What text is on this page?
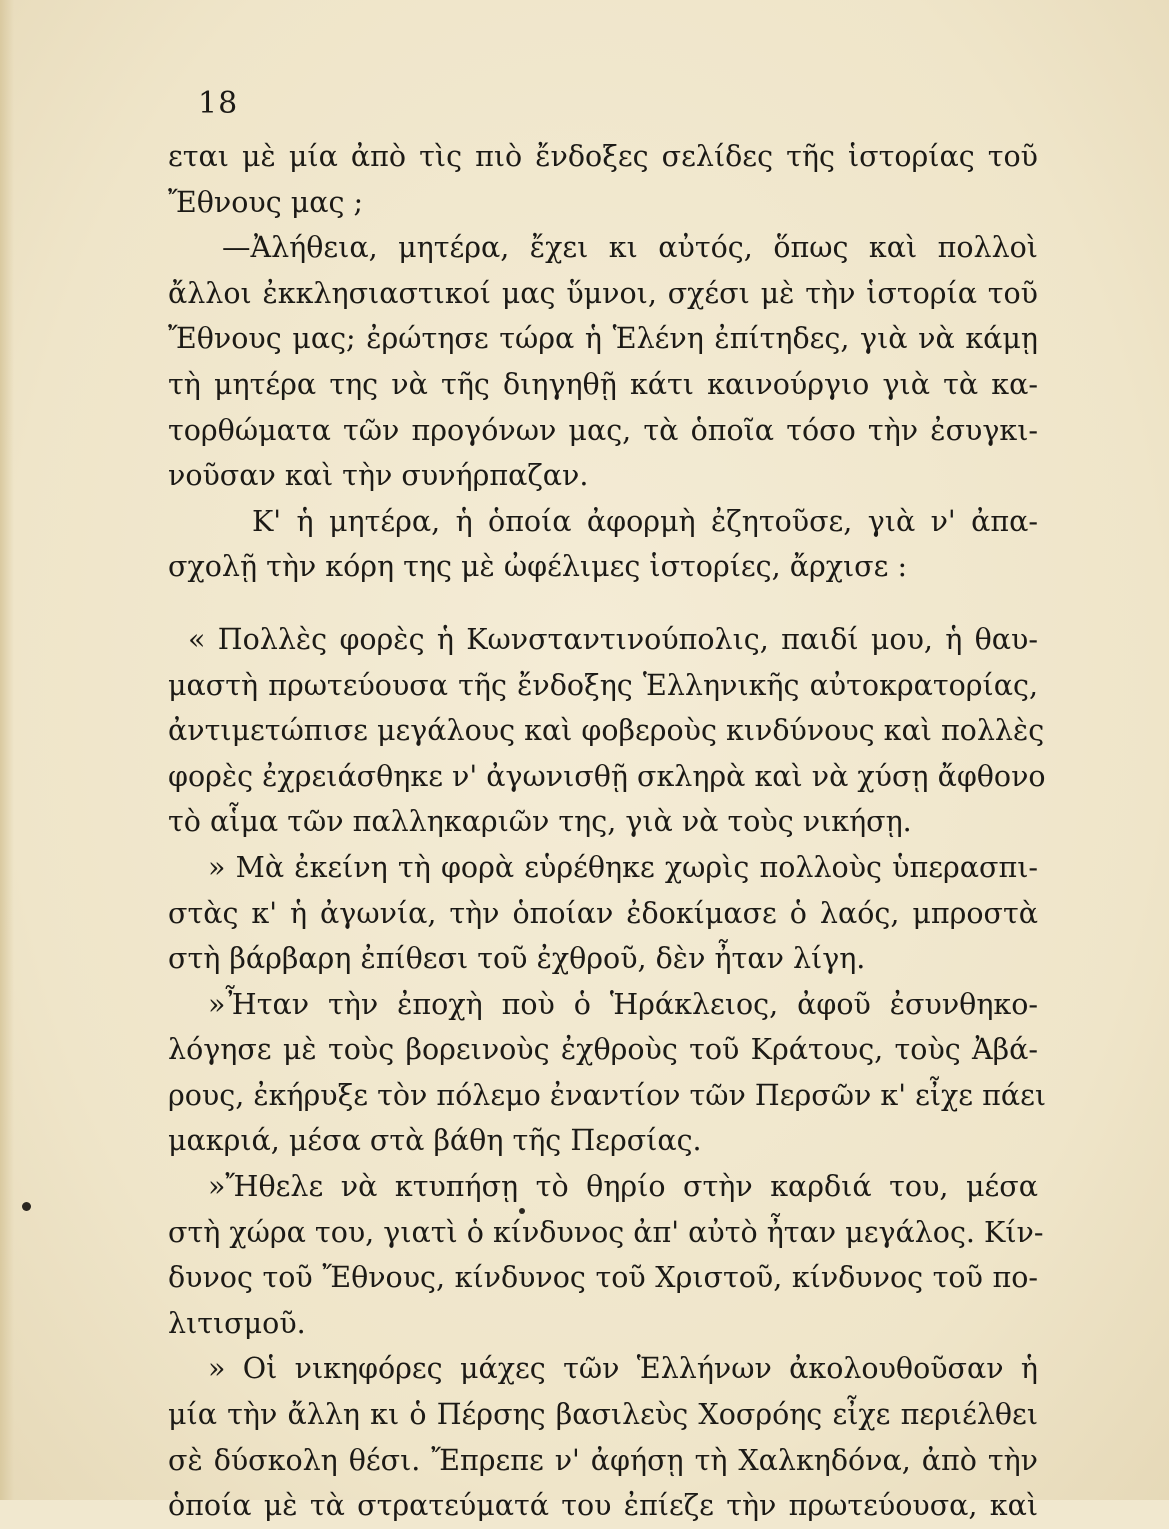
18
εται μὲ μία ἀπὸ τὶς πιὸ ἔνδοξες σελίδες τῆς ἱστορίας τοῦ
Ἔθνους μας ;
—Ἀλήθεια, μητέρα, ἔχει κι αὐτός, ὅπως καὶ πολλοὶ
ἄλλοι ἐκκλησιαστικοί μας ὕμνοι, σχέσι μὲ τὴν ἱστορία τοῦ
Ἔθνους μας; ἐρώτησε τώρα ἡ Ἑλένη ἐπίτηδες, γιὰ νὰ κάμῃ
τὴ μητέρα της νὰ τῆς διηγηθῇ κάτι καινούργιο γιὰ τὰ κα-
τορθώματα τῶν προγόνων μας, τὰ ὁποῖα τόσο τὴν ἐσυγκι-
νοῦσαν καὶ τὴν συνήρπαζαν.
Κ' ἡ μητέρα, ἡ ὁποία ἀφορμὴ ἐζητοῦσε, γιὰ ν' ἀπα-
σχολῇ τὴν κόρη της μὲ ὠφέλιμες ἱστορίες, ἄρχισε :
« Πολλὲς φορὲς ἡ Κωνσταντινούπολις, παιδί μου, ἡ θαυ-
μαστὴ πρωτεύουσα τῆς ἔνδοξης Ἑλληνικῆς αὐτοκρατορίας,
ἀντιμετώπισε μεγάλους καὶ φοβεροὺς κινδύνους καὶ πολλὲς
φορὲς ἐχρειάσθηκε ν' ἀγωνισθῇ σκληρὰ καὶ νὰ χύσῃ ἄφθονο
τὸ αἷμα τῶν παλληκαριῶν της, γιὰ νὰ τοὺς νικήσῃ.
» Μὰ ἐκείνη τὴ φορὰ εὑρέθηκε χωρὶς πολλοὺς ὑπερασπι-
στὰς κ' ἡ ἀγωνία, τὴν ὁποίαν ἐδοκίμασε ὁ λαός, μπροστὰ
στὴ βάρβαρη ἐπίθεσι τοῦ ἐχθροῦ, δὲν ἦταν λίγη.
»Ἦταν τὴν ἐποχὴ ποὺ ὁ Ἡράκλειος, ἀφοῦ ἐσυνθηκο-
λόγησε μὲ τοὺς βορεινοὺς ἐχθροὺς τοῦ Κράτους, τοὺς Ἀβά-
ρους, ἐκήρυξε τὸν πόλεμο ἐναντίον τῶν Περσῶν κ' εἶχε πάει
μακριά, μέσα στὰ βάθη τῆς Περσίας.
»Ἤθελε νὰ κτυπήσῃ τὸ θηρίο στὴν καρδιά του, μέσα
στὴ χώρα του, γιατὶ ὁ κίνδυνος ἀπ' αὐτὸ ἦταν μεγάλος. Κίν-
δυνος τοῦ Ἔθνους, κίνδυνος τοῦ Χριστοῦ, κίνδυνος τοῦ πο-
λιτισμοῦ.
» Οἱ νικηφόρες μάχες τῶν Ἑλλήνων ἀκολουθοῦσαν ἡ
μία τὴν ἄλλη κι ὁ Πέρσης βασιλεὺς Χοσρόης εἶχε περιέλθει
σὲ δύσκολη θέσι. Ἔπρεπε ν' ἀφήσῃ τὴ Χαλκηδόνα, ἀπὸ τὴν
ὁποία μὲ τὰ στρατεύματά του ἐπίεζε τὴν πρωτεύουσα, καὶ
